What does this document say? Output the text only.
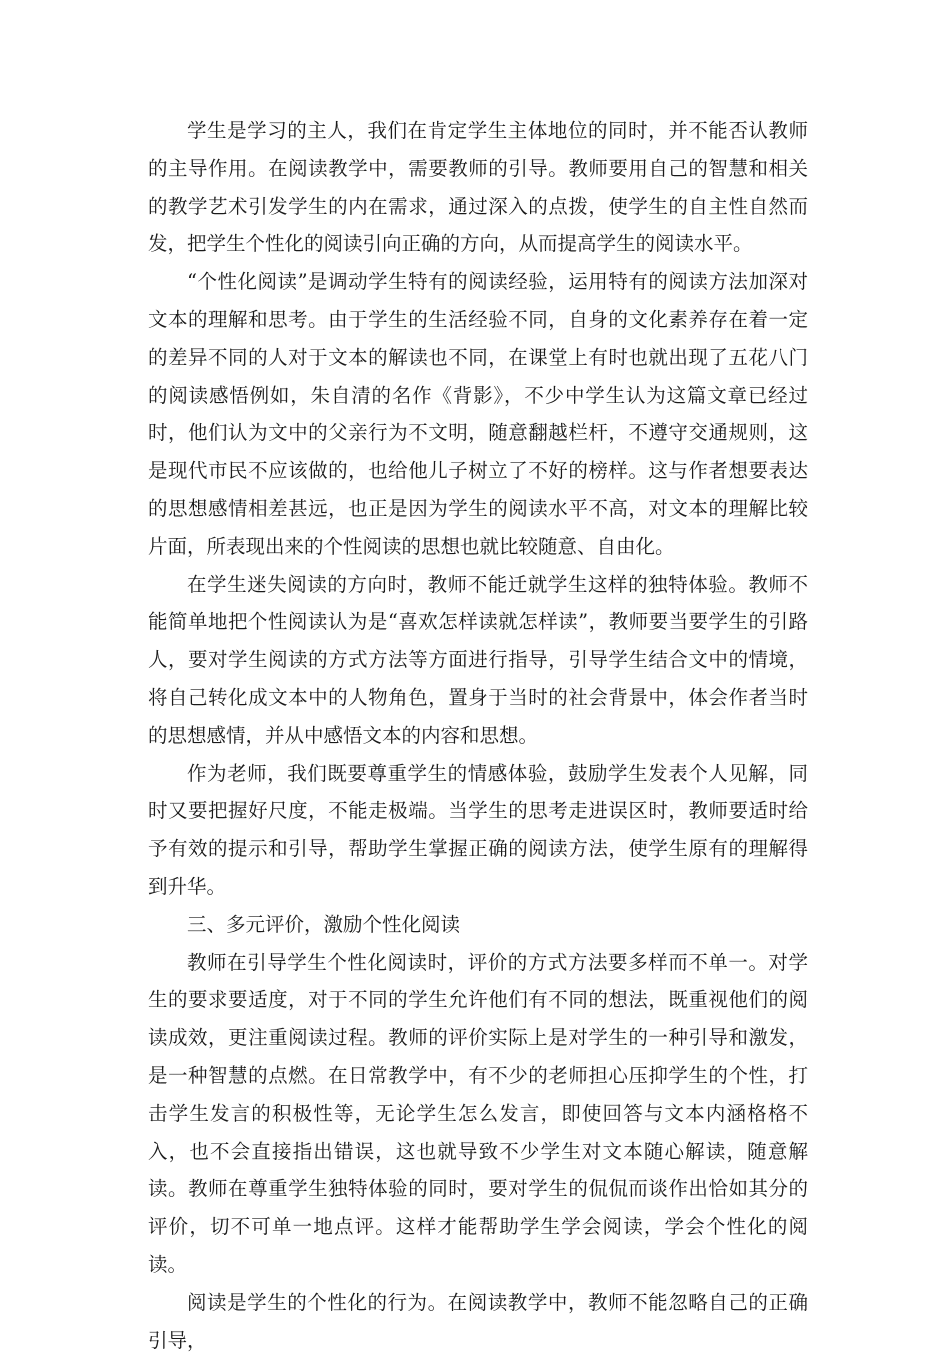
学生是学习的主人，我们在肯定学生主体地位的同时，并不能否认教师的主导作用。在阅读教学中，需要教师的引导。教师要用自己的智慧和相关的教学艺术引发学生的内在需求，通过深入的点拨，使学生的自主性自然而发，把学生个性化的阅读引向正确的方向，从而提高学生的阅读水平。

“个性化阅读”是调动学生特有的阅读经验，运用特有的阅读方法加深对文本的理解和思考。由于学生的生活经验不同，自身的文化素养存在着一定的差异不同的人对于文本的解读也不同，在课堂上有时也就出现了五花八门的阅读感悟例如，朱自清的名作《背影》，不少中学生认为这篇文章已经过时，他们认为文中的父亲行为不文明，随意翻越栏杆，不遵守交通规则，这是现代市民不应该做的，也给他儿子树立了不好的榜样。这与作者想要表达的思想感情相差甚远，也正是因为学生的阅读水平不高，对文本的理解比较片面，所表现出来的个性阅读的思想也就比较随意、自由化。

在学生迷失阅读的方向时，教师不能迁就学生这样的独特体验。教师不能简单地把个性阅读认为是“喜欢怎样读就怎样读”，教师要当要学生的引路人，要对学生阅读的方式方法等方面进行指导，引导学生结合文中的情境，将自己转化成文本中的人物角色，置身于当时的社会背景中，体会作者当时的思想感情，并从中感悟文本的内容和思想。

作为老师，我们既要尊重学生的情感体验，鼓励学生发表个人见解，同时又要把握好尺度，不能走极端。当学生的思考走进误区时，教师要适时给予有效的提示和引导，帮助学生掌握正确的阅读方法，使学生原有的理解得到升华。

三、多元评价，激励个性化阅读

教师在引导学生个性化阅读时，评价的方式方法要多样而不单一。对学生的要求要适度，对于不同的学生允许他们有不同的想法，既重视他们的阅读成效，更注重阅读过程。教师的评价实际上是对学生的一种引导和激发，是一种智慧的点燃。在日常教学中，有不少的老师担心压抑学生的个性，打击学生发言的积极性等，无论学生怎么发言，即使回答与文本内涵格格不入，也不会直接指出错误，这也就导致不少学生对文本随心解读，随意解读。教师在尊重学生独特体验的同时，要对学生的侃侃而谈作出恰如其分的评价，切不可单一地点评。这样才能帮助学生学会阅读，学会个性化的阅读。

阅读是学生的个性化的行为。在阅读教学中，教师不能忽略自己的正确引导，
